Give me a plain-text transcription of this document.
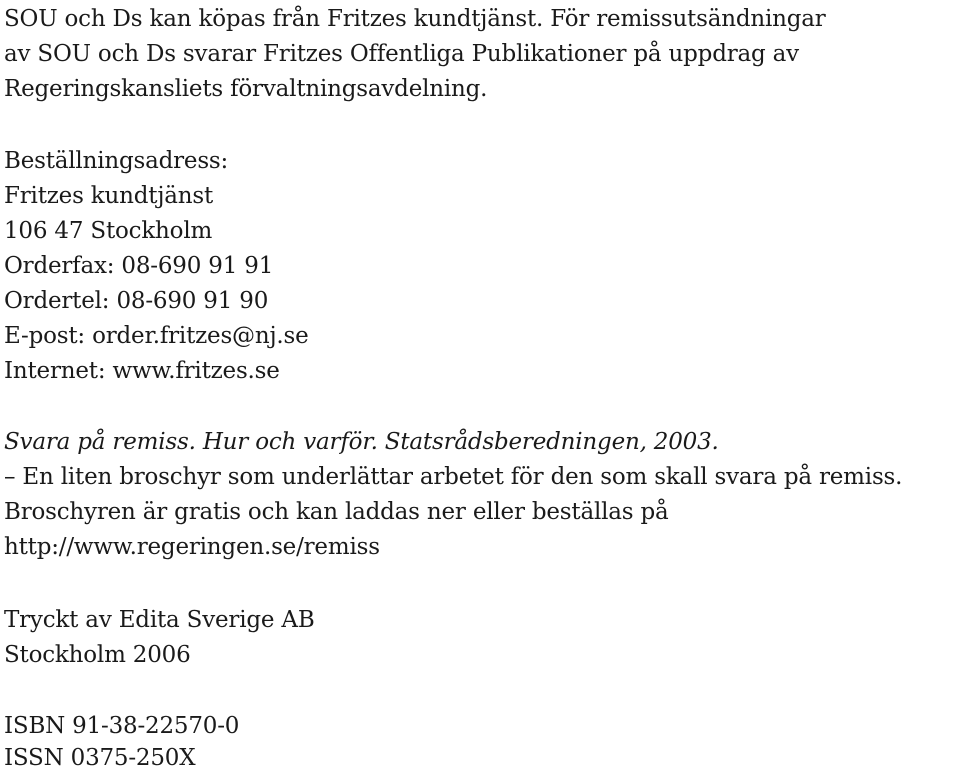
SOU och Ds kan köpas från Fritzes kundtjänst. För remissutsändningar
av SOU och Ds svarar Fritzes Offentliga Publikationer på uppdrag av
Regeringskansliets förvaltningsavdelning.
Beställningsadress:
Fritzes kundtjänst
106 47 Stockholm
Orderfax: 08-690 91 91
Ordertel: 08-690 91 90
E-post: order.fritzes@nj.se
Internet: www.fritzes.se
Svara på remiss. Hur och varför. Statsrådsberedningen, 2003.
– En liten broschyr som underlättar arbetet för den som skall svara på remiss.
Broschyren är gratis och kan laddas ner eller beställas på
http://www.regeringen.se/remiss
Tryckt av Edita Sverige AB
Stockholm 2006
ISBN 91-38-22570-0
ISSN 0375-250X
